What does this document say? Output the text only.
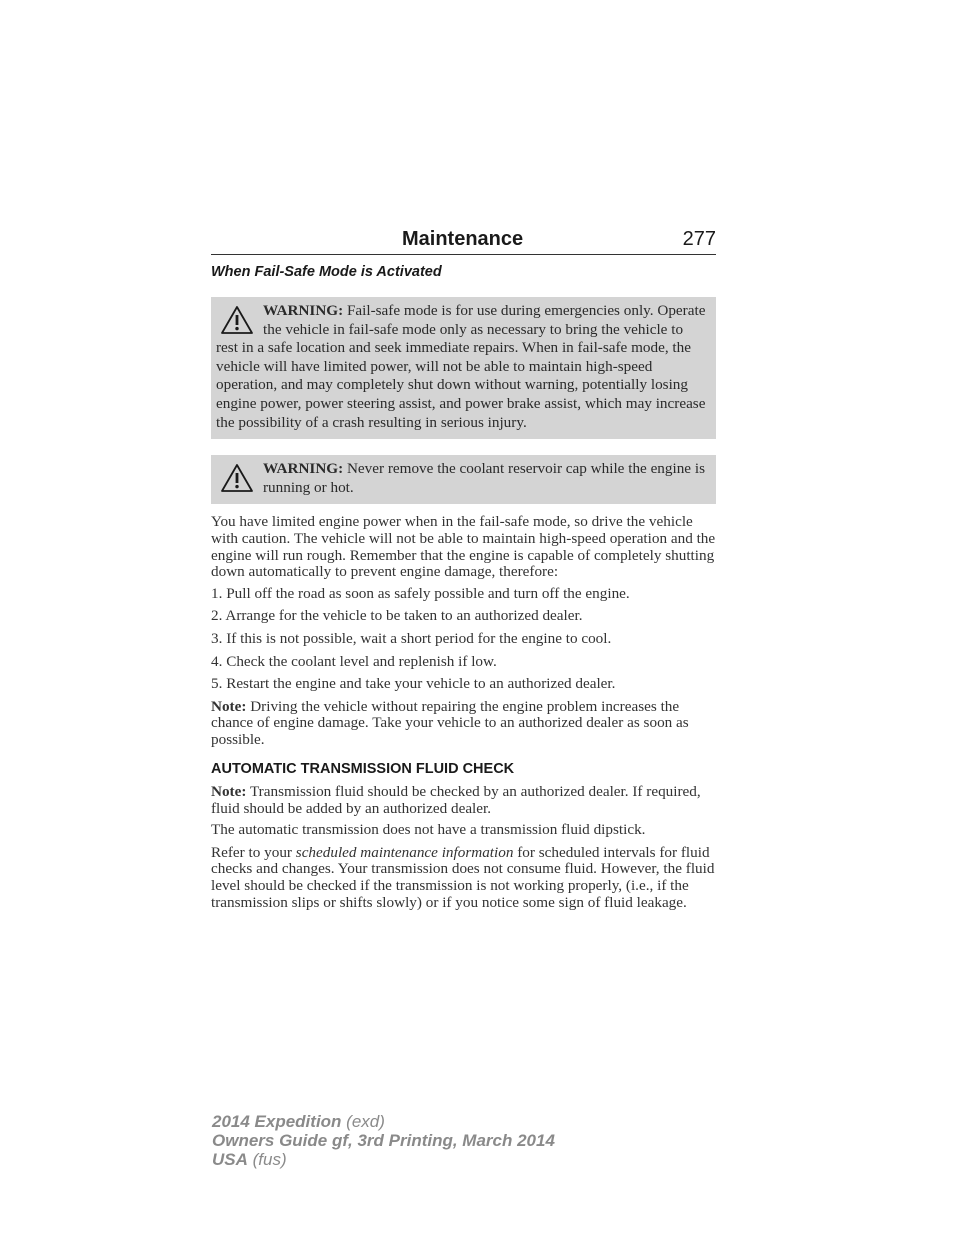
Maintenance	277
When Fail-Safe Mode is Activated
WARNING: Fail-safe mode is for use during emergencies only. Operate the vehicle in fail-safe mode only as necessary to bring the vehicle to rest in a safe location and seek immediate repairs. When in fail-safe mode, the vehicle will have limited power, will not be able to maintain high-speed operation, and may completely shut down without warning, potentially losing engine power, power steering assist, and power brake assist, which may increase the possibility of a crash resulting in serious injury.
WARNING: Never remove the coolant reservoir cap while the engine is running or hot.

You have limited engine power when in the fail-safe mode, so drive the vehicle with caution. The vehicle will not be able to maintain high-speed operation and the engine will run rough. Remember that the engine is capable of completely shutting down automatically to prevent engine damage, therefore:

1. Pull off the road as soon as safely possible and turn off the engine.

2. Arrange for the vehicle to be taken to an authorized dealer.

3. If this is not possible, wait a short period for the engine to cool.

4. Check the coolant level and replenish if low.

5. Restart the engine and take your vehicle to an authorized dealer.

Note: Driving the vehicle without repairing the engine problem increases the chance of engine damage. Take your vehicle to an authorized dealer as soon as possible.

AUTOMATIC TRANSMISSION FLUID CHECK

Note: Transmission fluid should be checked by an authorized dealer. If required, fluid should be added by an authorized dealer.

The automatic transmission does not have a transmission fluid dipstick.

Refer to your scheduled maintenance information for scheduled intervals for fluid checks and changes. Your transmission does not consume fluid. However, the fluid level should be checked if the transmission is not working properly, (i.e., if the transmission slips or shifts slowly) or if you notice some sign of fluid leakage.

2014 Expedition (exd)
Owners Guide gf, 3rd Printing, March 2014
USA (fus)
